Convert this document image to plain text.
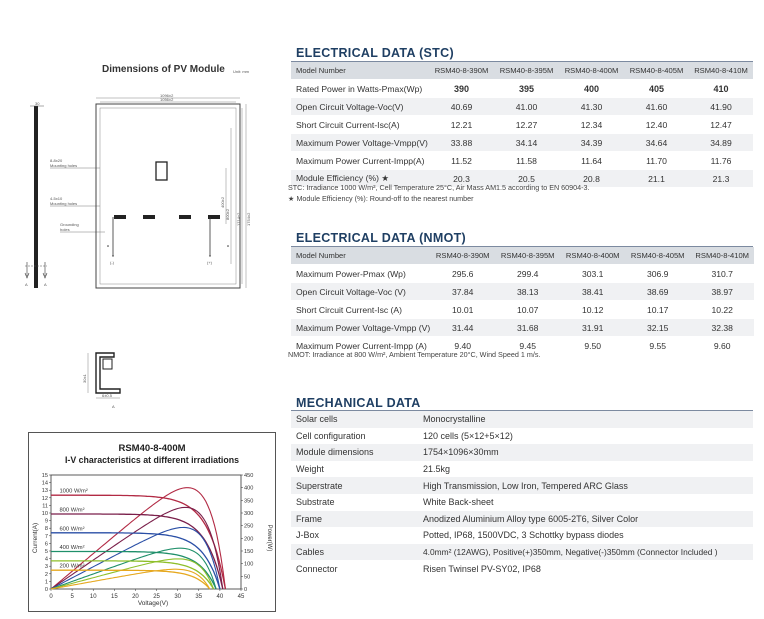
Dimensions of PV Module Unit: mm
30
A	A
8-8x20
Mounting holes
4-5x10
Mounting holes
Grounding
holes
1096±2
1056±2
(-)	(+)
1754±2
1714±2
800±2
400±2
30±1
6±0.5
A
RSM40-8-400M
I-V characteristics at different irradiations
Current(A)	Power(W)
Voltage(V)
0	5	10 15 20 25 30 35 40 45
0
1
2
3
4
5
6
7
8
9
10
11
12
13
14
15
0
50
100
150
200
250
300
350
400
450
1000 W/m²
800 W/m²
600 W/m²
400 W/m²
200 W/m²
ELECTRICAL DATA (STC)
Model Number	RSM40-8-390M	RSM40-8-395M	RSM40-8-400M	RSM40-8-405M	RSM40-8-410M
Rated Power in Watts-Pmax(Wp)	390	395	400	405	410
Open Circuit Voltage-Voc(V)	40.69	41.00	41.30	41.60	41.90
Short Circuit Current-Isc(A)	12.21	12.27	12.34	12.40	12.47
Maximum Power Voltage-Vmpp(V)	33.88	34.14	34.39	34.64	34.89
Maximum Power Current-Impp(A)	11.52	11.58	11.64	11.70	11.76
Module Efficiency (%) ★	20.3	20.5	20.8	21.1	21.3
STC: Irradiance 1000 W/m², Cell Temperature 25°C, Air Mass AM1.5 according to EN 60904-3.
★ Module Efficiency (%): Round-off to the nearest number
ELECTRICAL DATA (NMOT)
Model Number	RSM40-8-390M	RSM40-8-395M	RSM40-8-400M	RSM40-8-405M	RSM40-8-410M
Maximum Power-Pmax (Wp)	295.6	299.4	303.1	306.9	310.7
Open Circuit Voltage-Voc (V)	37.84	38.13	38.41	38.69	38.97
Short Circuit Current-Isc (A)	10.01	10.07	10.12	10.17	10.22
Maximum Power Voltage-Vmpp (V)	31.44	31.68	31.91	32.15	32.38
Maximum Power Current-Impp (A)	9.40	9.45	9.50	9.55	9.60
NMOT: Irradiance at 800 W/m², Ambient Temperature 20°C, Wind Speed 1 m/s.
MECHANICAL DATA
Solar cells	Monocrystalline
Cell configuration	120 cells (5×12+5×12)
Module dimensions	1754×1096×30mm
Weight	21.5kg
Superstrate	High Transmission, Low Iron, Tempered ARC Glass
Substrate	White Back-sheet
Frame	Anodized Aluminium Alloy type 6005-2T6, Silver Color
J-Box	Potted, IP68, 1500VDC, 3 Schottky bypass diodes
Cables	4.0mm² (12AWG), Positive(+)350mm, Negative(-)350mm (Connector Included )
Connector	Risen Twinsel PV-SY02, IP68
